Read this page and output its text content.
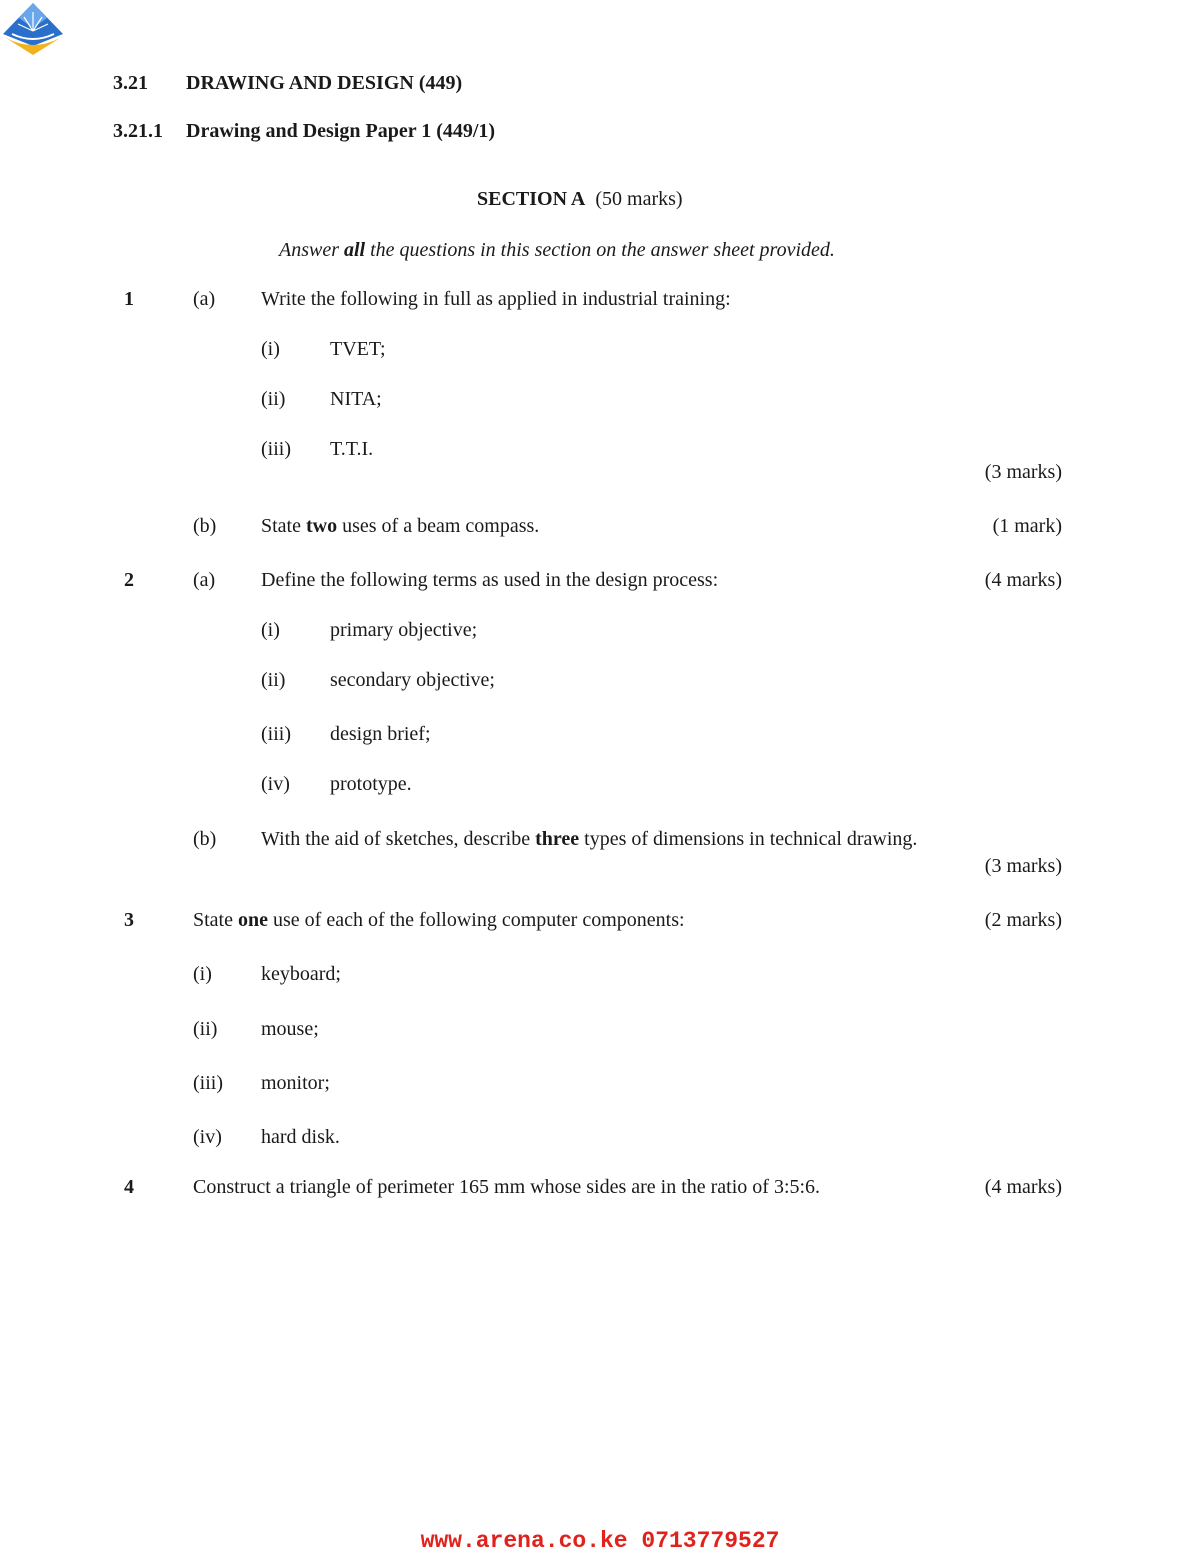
3.21 DRAWING AND DESIGN (449)
3.21.1 Drawing and Design Paper 1 (449/1)
SECTION A (50 marks)
Answer all the questions in this section on the answer sheet provided.
1	(a) Write the following in full as applied in industrial training:
(i)	TVET;
(ii) NITA;
(iii) T.T.I.
(3 marks)
(b) State two uses of a beam compass.	(1 mark)
2	(a) Define the following terms as used in the design process:	(4 marks)
(i)	primary objective;
(ii) secondary objective;
(iii) design brief;
(iv) prototype.
(b) With the aid of sketches, describe three types of dimensions in technical drawing.
(3 marks)
3	State one use of each of the following computer components:	(2 marks)
(i) keyboard;
(ii) mouse;
(iii) monitor;
(iv) hard disk.
4	Construct a triangle of perimeter 165 mm whose sides are in the ratio of 3:5:6.	(4 marks)
www.arena.co.ke 0713779527
